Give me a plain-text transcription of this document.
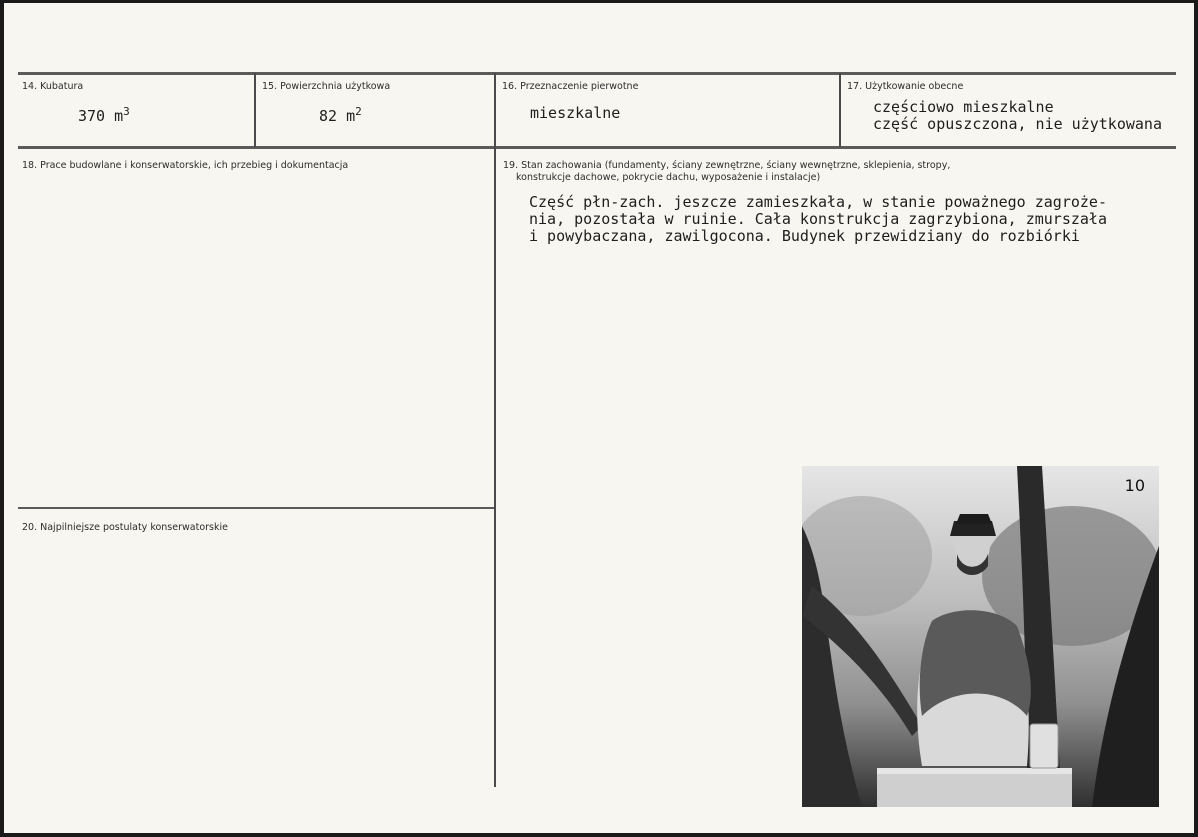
14. Kubatura
370 $m^3$
15. Powierzchnia użytkowa
82 $m^2$
16. Przeznaczenie pierwotne
mieszkalne
17. Użytkowanie obecne
częściowo mieszkalne
część opuszczona, nie użytkowana
18. Prace budowlane i konserwatorskie, ich przebieg i dokumentacja	19. Stan zachowania (fundamenty, ściany zewnętrzne, ściany wewnętrzne, sklepienia, stropy,
konstrukcje dachowe, pokrycie dachu, wyposażenie i instalacje)
Część płn-zach. jeszcze zamieszkała, w stanie poważnego zagroże-
nia, pozostała w ruinie. Cała konstrukcja zagrzybiona, zmurszała
i powybaczana, zawilgocona. Budynek przewidziany do rozbiórki
20. Najpilniejsze postulaty konserwatorskie
10
